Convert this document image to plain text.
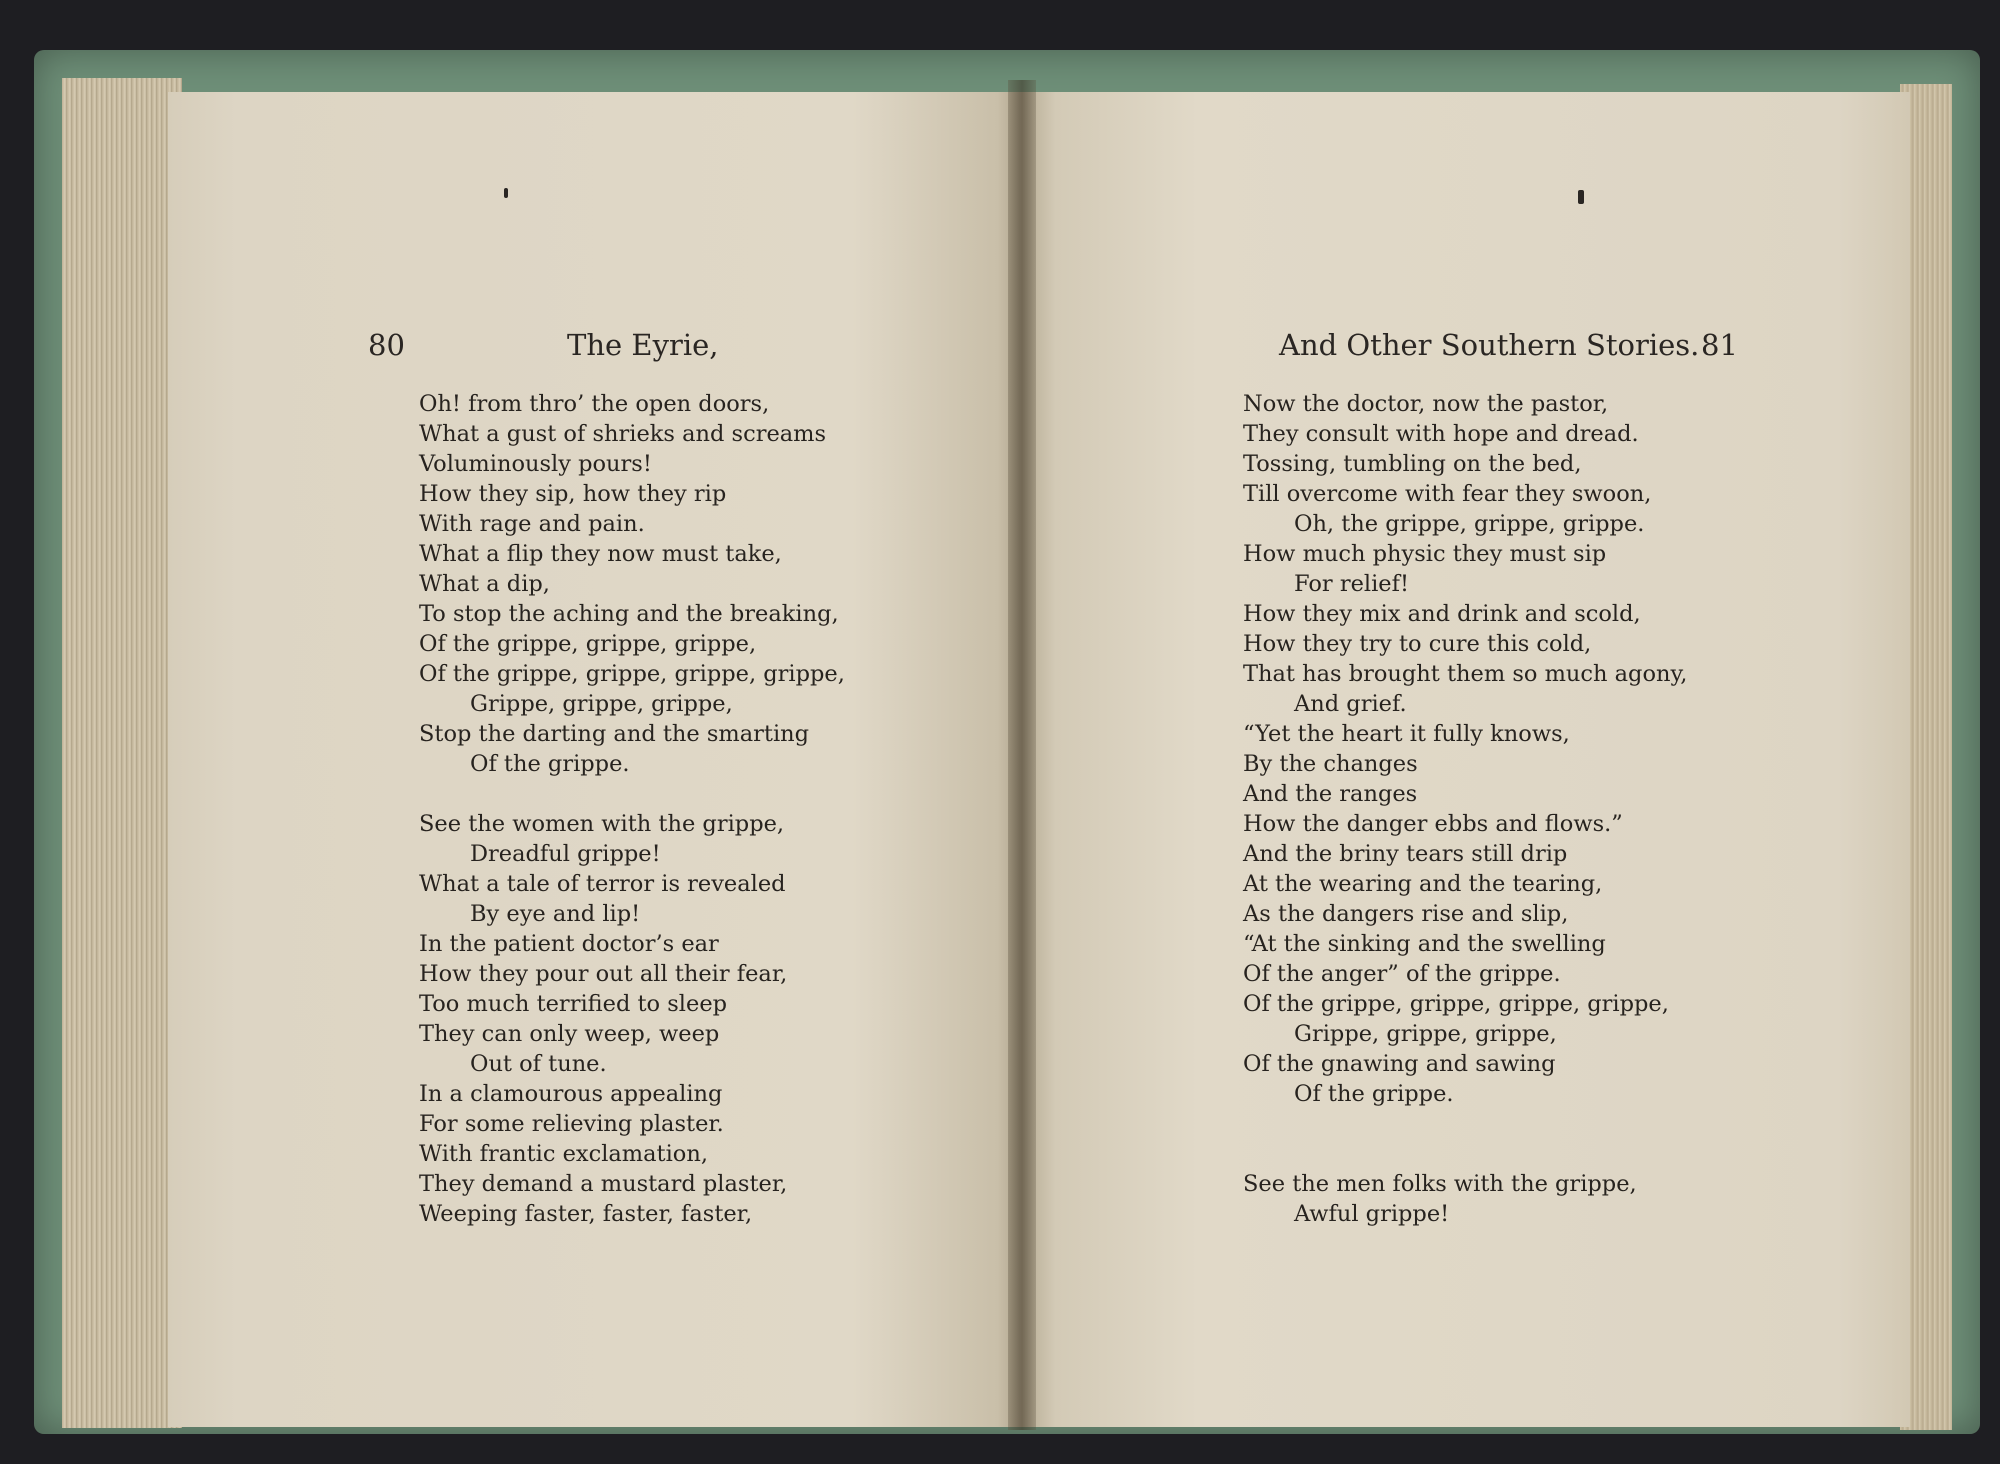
80	The Eyrie,
Oh! from thro’ the open doors,
What a gust of shrieks and screams
Voluminously pours!
How they sip, how they rip
With rage and pain.
What a flip they now must take,
What a dip,
To stop the aching and the breaking,
Of the grippe, grippe, grippe,
Of the grippe, grippe, grippe, grippe,
Grippe, grippe, grippe,
Stop the darting and the smarting
Of the grippe.
See the women with the grippe,
Dreadful grippe!
What a tale of terror is revealed
By eye and lip!
In the patient doctor’s ear
How they pour out all their fear,
Too much terrified to sleep
They can only weep, weep
Out of tune.
In a clamourous appealing
For some relieving plaster.
With frantic exclamation,
They demand a mustard plaster,
Weeping faster, faster, faster,
And Other Southern Stories. 81
Now the doctor, now the pastor,
They consult with hope and dread.
Tossing, tumbling on the bed,
Till overcome with fear they swoon,
Oh, the grippe, grippe, grippe.
How much physic they must sip
For relief!
How they mix and drink and scold,
How they try to cure this cold,
That has brought them so much agony,
And grief.
“Yet the heart it fully knows,
By the changes
And the ranges
How the danger ebbs and flows.”
And the briny tears still drip
At the wearing and the tearing,
As the dangers rise and slip,
“At the sinking and the swelling
Of the anger” of the grippe.
Of the grippe, grippe, grippe, grippe,
Grippe, grippe, grippe,
Of the gnawing and sawing
Of the grippe.
See the men folks with the grippe,
Awful grippe!
